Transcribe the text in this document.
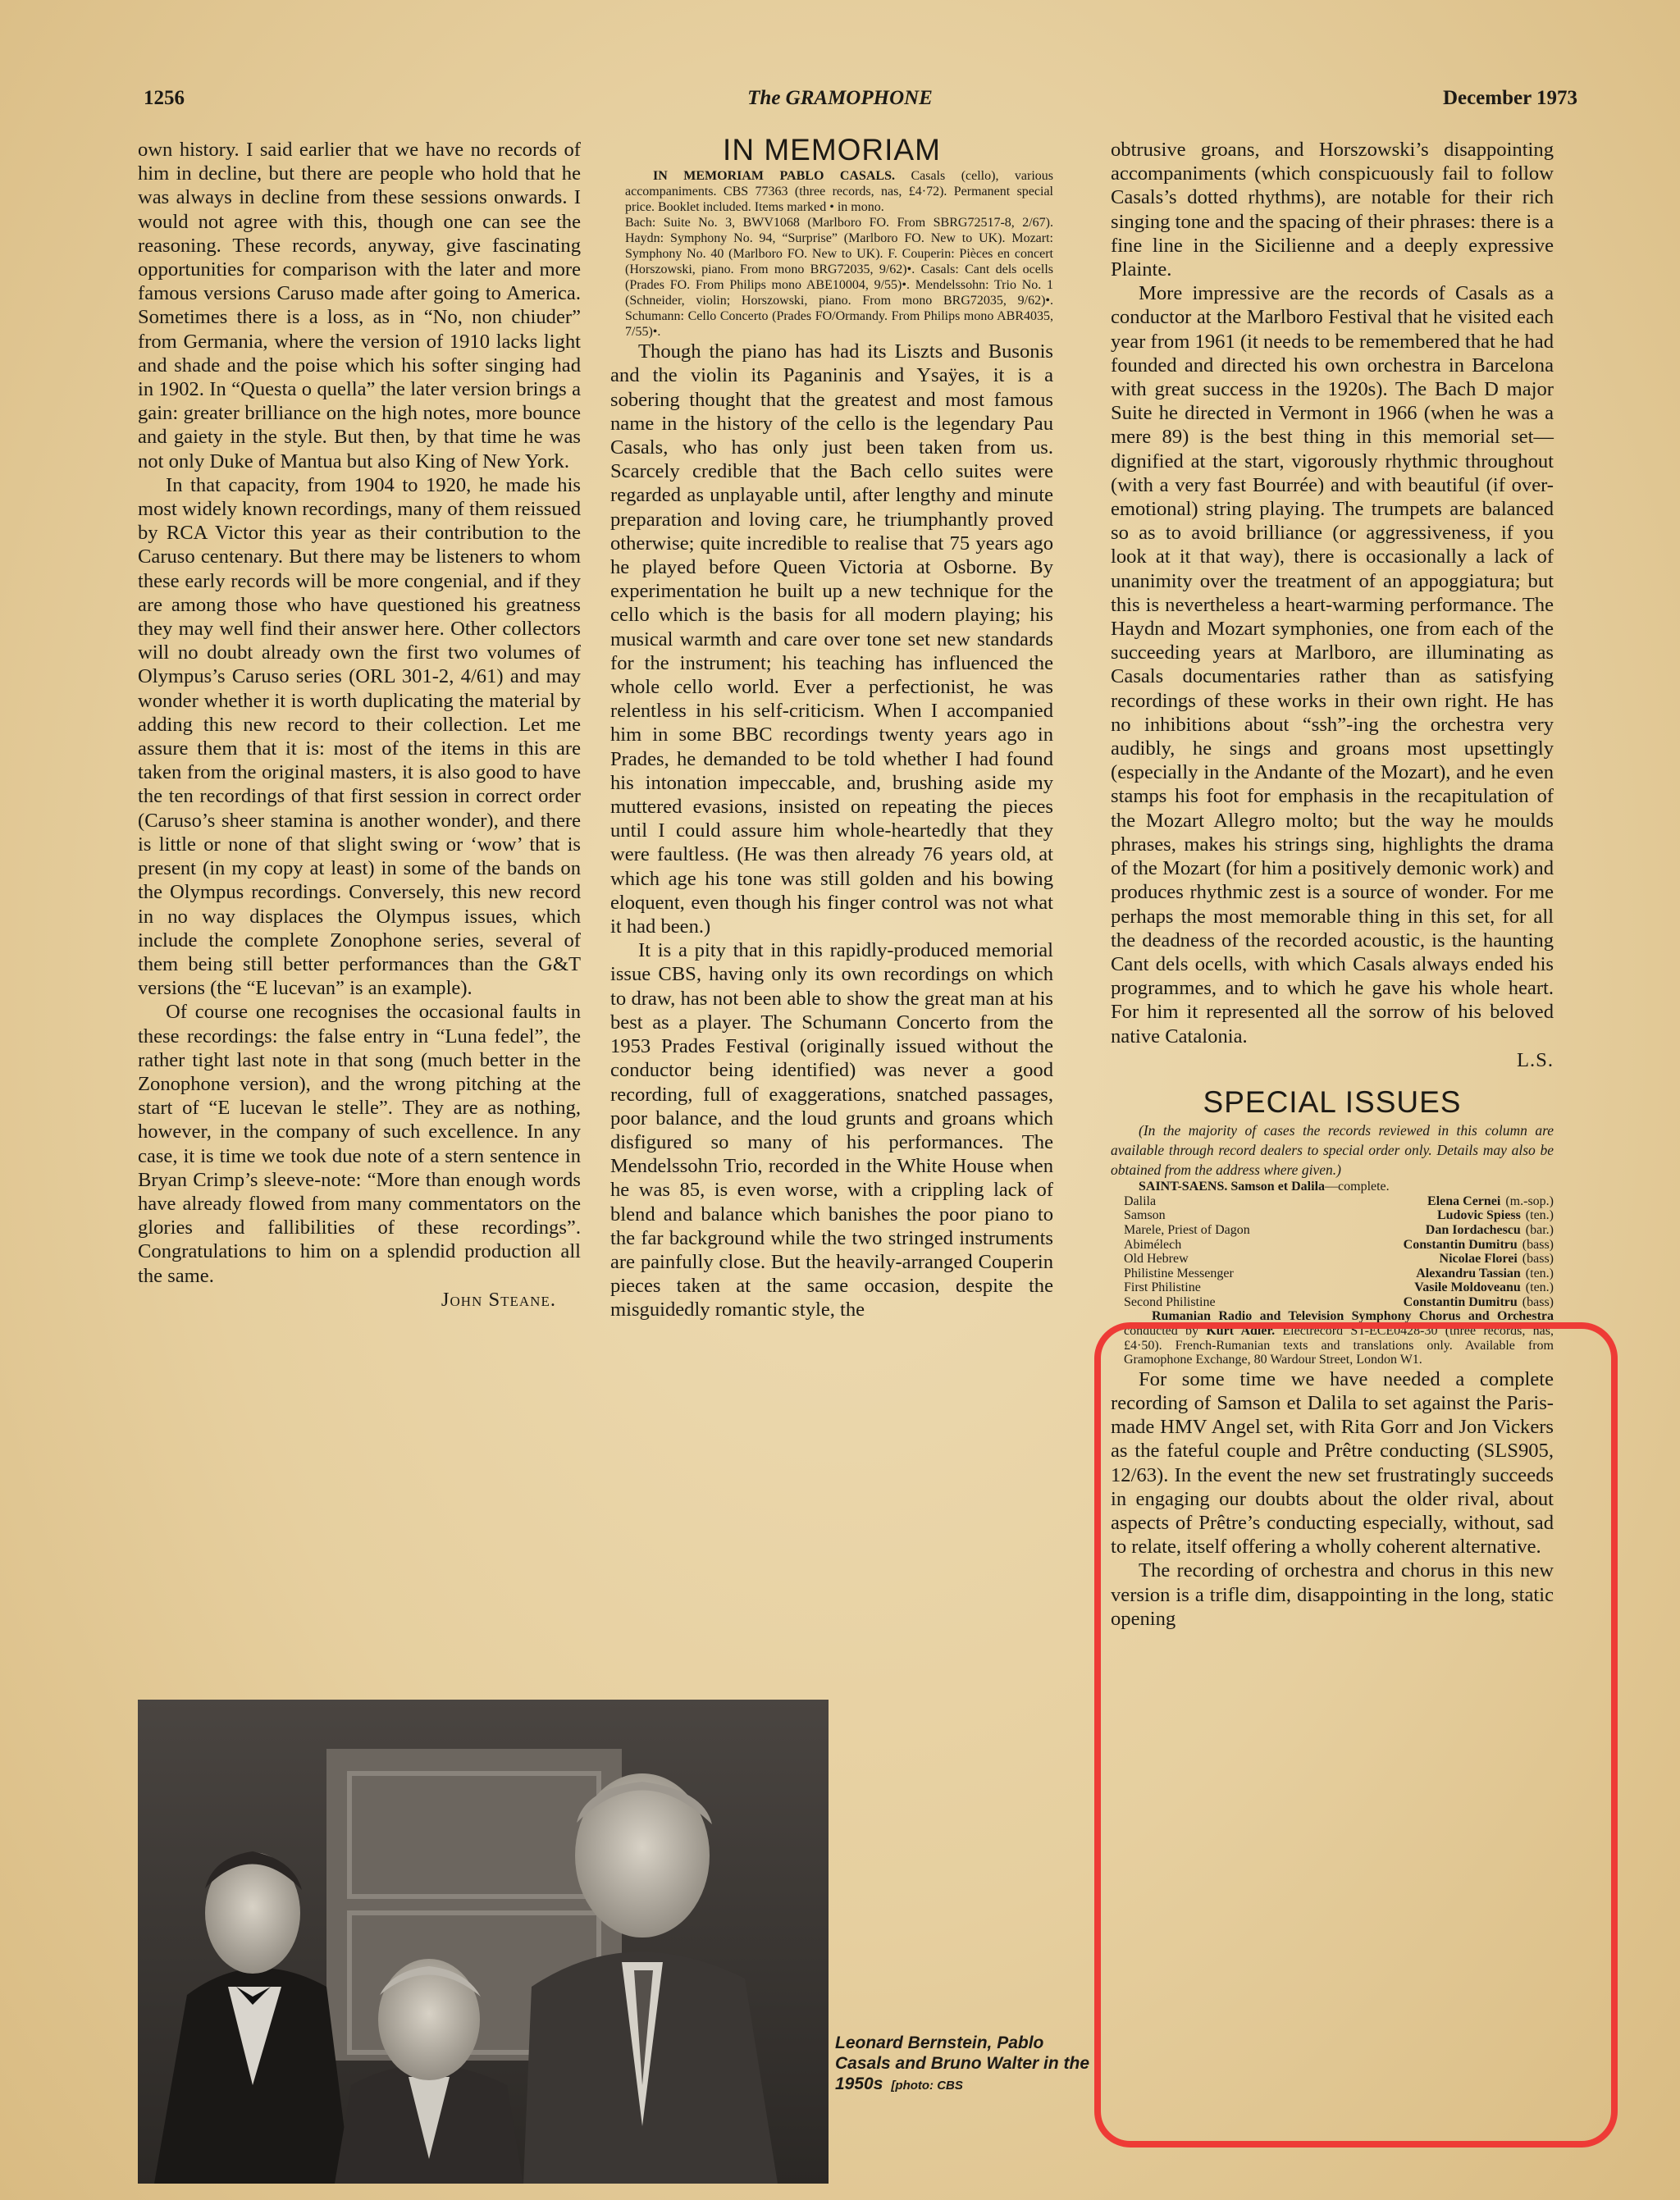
1256	The GRAMOPHONE	December 1973

own history. I said earlier that we have no records of him in decline, but there are people who hold that he was always in decline from these sessions onwards. I would not agree with this, though one can see the reasoning. These records, anyway, give fascinating opportunities for comparison with the later and more famous versions Caruso made after going to America. Sometimes there is a loss, as in “No, non chiuder” from Germania, where the version of 1910 lacks light and shade and the poise which his softer singing had in 1902. In “Questa o quella” the later version brings a gain: greater brilliance on the high notes, more bounce and gaiety in the style. But then, by that time he was not only Duke of Mantua but also King of New York.

In that capacity, from 1904 to 1920, he made his most widely known recordings, many of them reissued by RCA Victor this year as their contribution to the Caruso centenary. But there may be listeners to whom these early records will be more congenial, and if they are among those who have questioned his greatness they may well find their answer here. Other collectors will no doubt already own the first two volumes of Olympus’s Caruso series (ORL 301-2, 4/61) and may wonder whether it is worth duplicating the material by adding this new record to their collection. Let me assure them that it is: most of the items in this are taken from the original masters, it is also good to have the ten recordings of that first session in correct order (Caruso’s sheer stamina is another wonder), and there is little or none of that slight swing or ‘wow’ that is present (in my copy at least) in some of the bands on the Olympus recordings. Conversely, this new record in no way displaces the Olympus issues, which include the complete Zonophone series, several of them being still better performances than the G&T versions (the “E lucevan” is an example).

Of course one recognises the occasional faults in these recordings: the false entry in “Luna fedel”, the rather tight last note in that song (much better in the Zonophone version), and the wrong pitching at the start of “E lucevan le stelle”. They are as nothing, however, in the company of such excellence. In any case, it is time we took due note of a stern sentence in Bryan Crimp’s sleeve-note: “More than enough words have already flowed from many commentators on the glories and fallibilities of these recordings”. Congratulations to him on a splendid production all the same.

John Steane.

IN MEMORIAM

IN MEMORIAM PABLO CASALS. Casals (cello), various accompaniments. CBS 77363 (three records, nas, £4·72). Permanent special price. Booklet included. Items marked • in mono.

Bach: Suite No. 3, BWV1068 (Marlboro FO. From SBRG72517-8, 2/67). Haydn: Symphony No. 94, “Surprise” (Marlboro FO. New to UK). Mozart: Symphony No. 40 (Marlboro FO. New to UK). F. Couperin: Pièces en concert (Horszowski, piano. From mono BRG72035, 9/62)•. Casals: Cant dels ocells (Prades FO. From Philips mono ABE10004, 9/55)•. Mendelssohn: Trio No. 1 (Schneider, violin; Horszowski, piano. From mono BRG72035, 9/62)•. Schumann: Cello Concerto (Prades FO/Ormandy. From Philips mono ABR4035, 7/55)•.

Though the piano has had its Liszts and Busonis and the violin its Paganinis and Ysaÿes, it is a sobering thought that the greatest and most famous name in the history of the cello is the legendary Pau Casals, who has only just been taken from us. Scarcely credible that the Bach cello suites were regarded as unplayable until, after lengthy and minute preparation and loving care, he triumphantly proved otherwise; quite incredible to realise that 75 years ago he played before Queen Victoria at Osborne. By experimentation he built up a new technique for the cello which is the basis for all modern playing; his musical warmth and care over tone set new standards for the instrument; his teaching has influenced the whole cello world. Ever a perfectionist, he was relentless in his self-criticism. When I accompanied him in some BBC recordings twenty years ago in Prades, he demanded to be told whether I had found his intonation impeccable, and, brushing aside my muttered evasions, insisted on repeating the pieces until I could assure him whole-heartedly that they were faultless. (He was then already 76 years old, at which age his tone was still golden and his bowing eloquent, even though his finger control was not what it had been.)

It is a pity that in this rapidly-produced memorial issue CBS, having only its own recordings on which to draw, has not been able to show the great man at his best as a player. The Schumann Concerto from the 1953 Prades Festival (originally issued without the conductor being identified) was never a good recording, full of exaggerations, snatched passages, poor balance, and the loud grunts and groans which disfigured so many of his performances. The Mendelssohn Trio, recorded in the White House when he was 85, is even worse, with a crippling lack of blend and balance which banishes the poor piano to the far background while the two stringed instruments are painfully close. But the heavily-arranged Couperin pieces taken at the same occasion, despite the misguidedly romantic style, the

obtrusive groans, and Horszowski’s disappointing accompaniments (which conspicuously fail to follow Casals’s dotted rhythms), are notable for their rich singing tone and the spacing of their phrases: there is a fine line in the Sicilienne and a deeply expressive Plainte.

More impressive are the records of Casals as a conductor at the Marlboro Festival that he visited each year from 1961 (it needs to be remembered that he had founded and directed his own orchestra in Barcelona with great success in the 1920s). The Bach D major Suite he directed in Vermont in 1966 (when he was a mere 89) is the best thing in this memorial set—dignified at the start, vigorously rhythmic throughout (with a very fast Bourrée) and with beautiful (if over-emotional) string playing. The trumpets are balanced so as to avoid brilliance (or aggressiveness, if you look at it that way), there is occasionally a lack of unanimity over the treatment of an appoggiatura; but this is nevertheless a heart-warming performance. The Haydn and Mozart symphonies, one from each of the succeeding years at Marlboro, are illuminating as Casals documentaries rather than as satisfying recordings of these works in their own right. He has no inhibitions about “ssh”-ing the orchestra very audibly, he sings and groans most upsettingly (especially in the Andante of the Mozart), and he even stamps his foot for emphasis in the recapitulation of the Mozart Allegro molto; but the way he moulds phrases, makes his strings sing, highlights the drama of the Mozart (for him a positively demonic work) and produces rhythmic zest is a source of wonder. For me perhaps the most memorable thing in this set, for all the deadness of the recorded acoustic, is the haunting Cant dels ocells, with which Casals always ended his programmes, and to which he gave his whole heart. For him it represented all the sorrow of his beloved native Catalonia.

L.S.

SPECIAL ISSUES

(In the majority of cases the records reviewed in this column are available through record dealers to special order only. Details may also be obtained from the address where given.)

SAINT-SAENS. Samson et Dalila—complete.

Dalila	Elena Cernei (m.-sop.)
Samson	Ludovic Spiess (ten.)
Marele, Priest of Dagon	Dan Iordachescu (bar.)
Abimélech	Constantin Dumitru (bass)
Old Hebrew	Nicolae Florei (bass)
Philistine Messenger	Alexandru Tassian (ten.)
First Philistine	Vasile Moldoveanu (ten.)
Second Philistine	Constantin Dumitru (bass)

Rumanian Radio and Television Symphony Chorus and Orchestra conducted by Kurt Adler. Electrecord ST-ECE0428-30 (three records, nas, £4·50). French-Rumanian texts and translations only. Available from Gramophone Exchange, 80 Wardour Street, London W1.

For some time we have needed a complete recording of Samson et Dalila to set against the Paris-made HMV Angel set, with Rita Gorr and Jon Vickers as the fateful couple and Prêtre conducting (SLS905, 12/63). In the event the new set frustratingly succeeds in engaging our doubts about the older rival, about aspects of Prêtre’s conducting especially, without, sad to relate, itself offering a wholly coherent alternative.

The recording of orchestra and chorus in this new version is a trifle dim, disappointing in the long, static opening

Leonard Bernstein, Pablo Casals and Bruno Walter in the 1950s [photo: CBS
